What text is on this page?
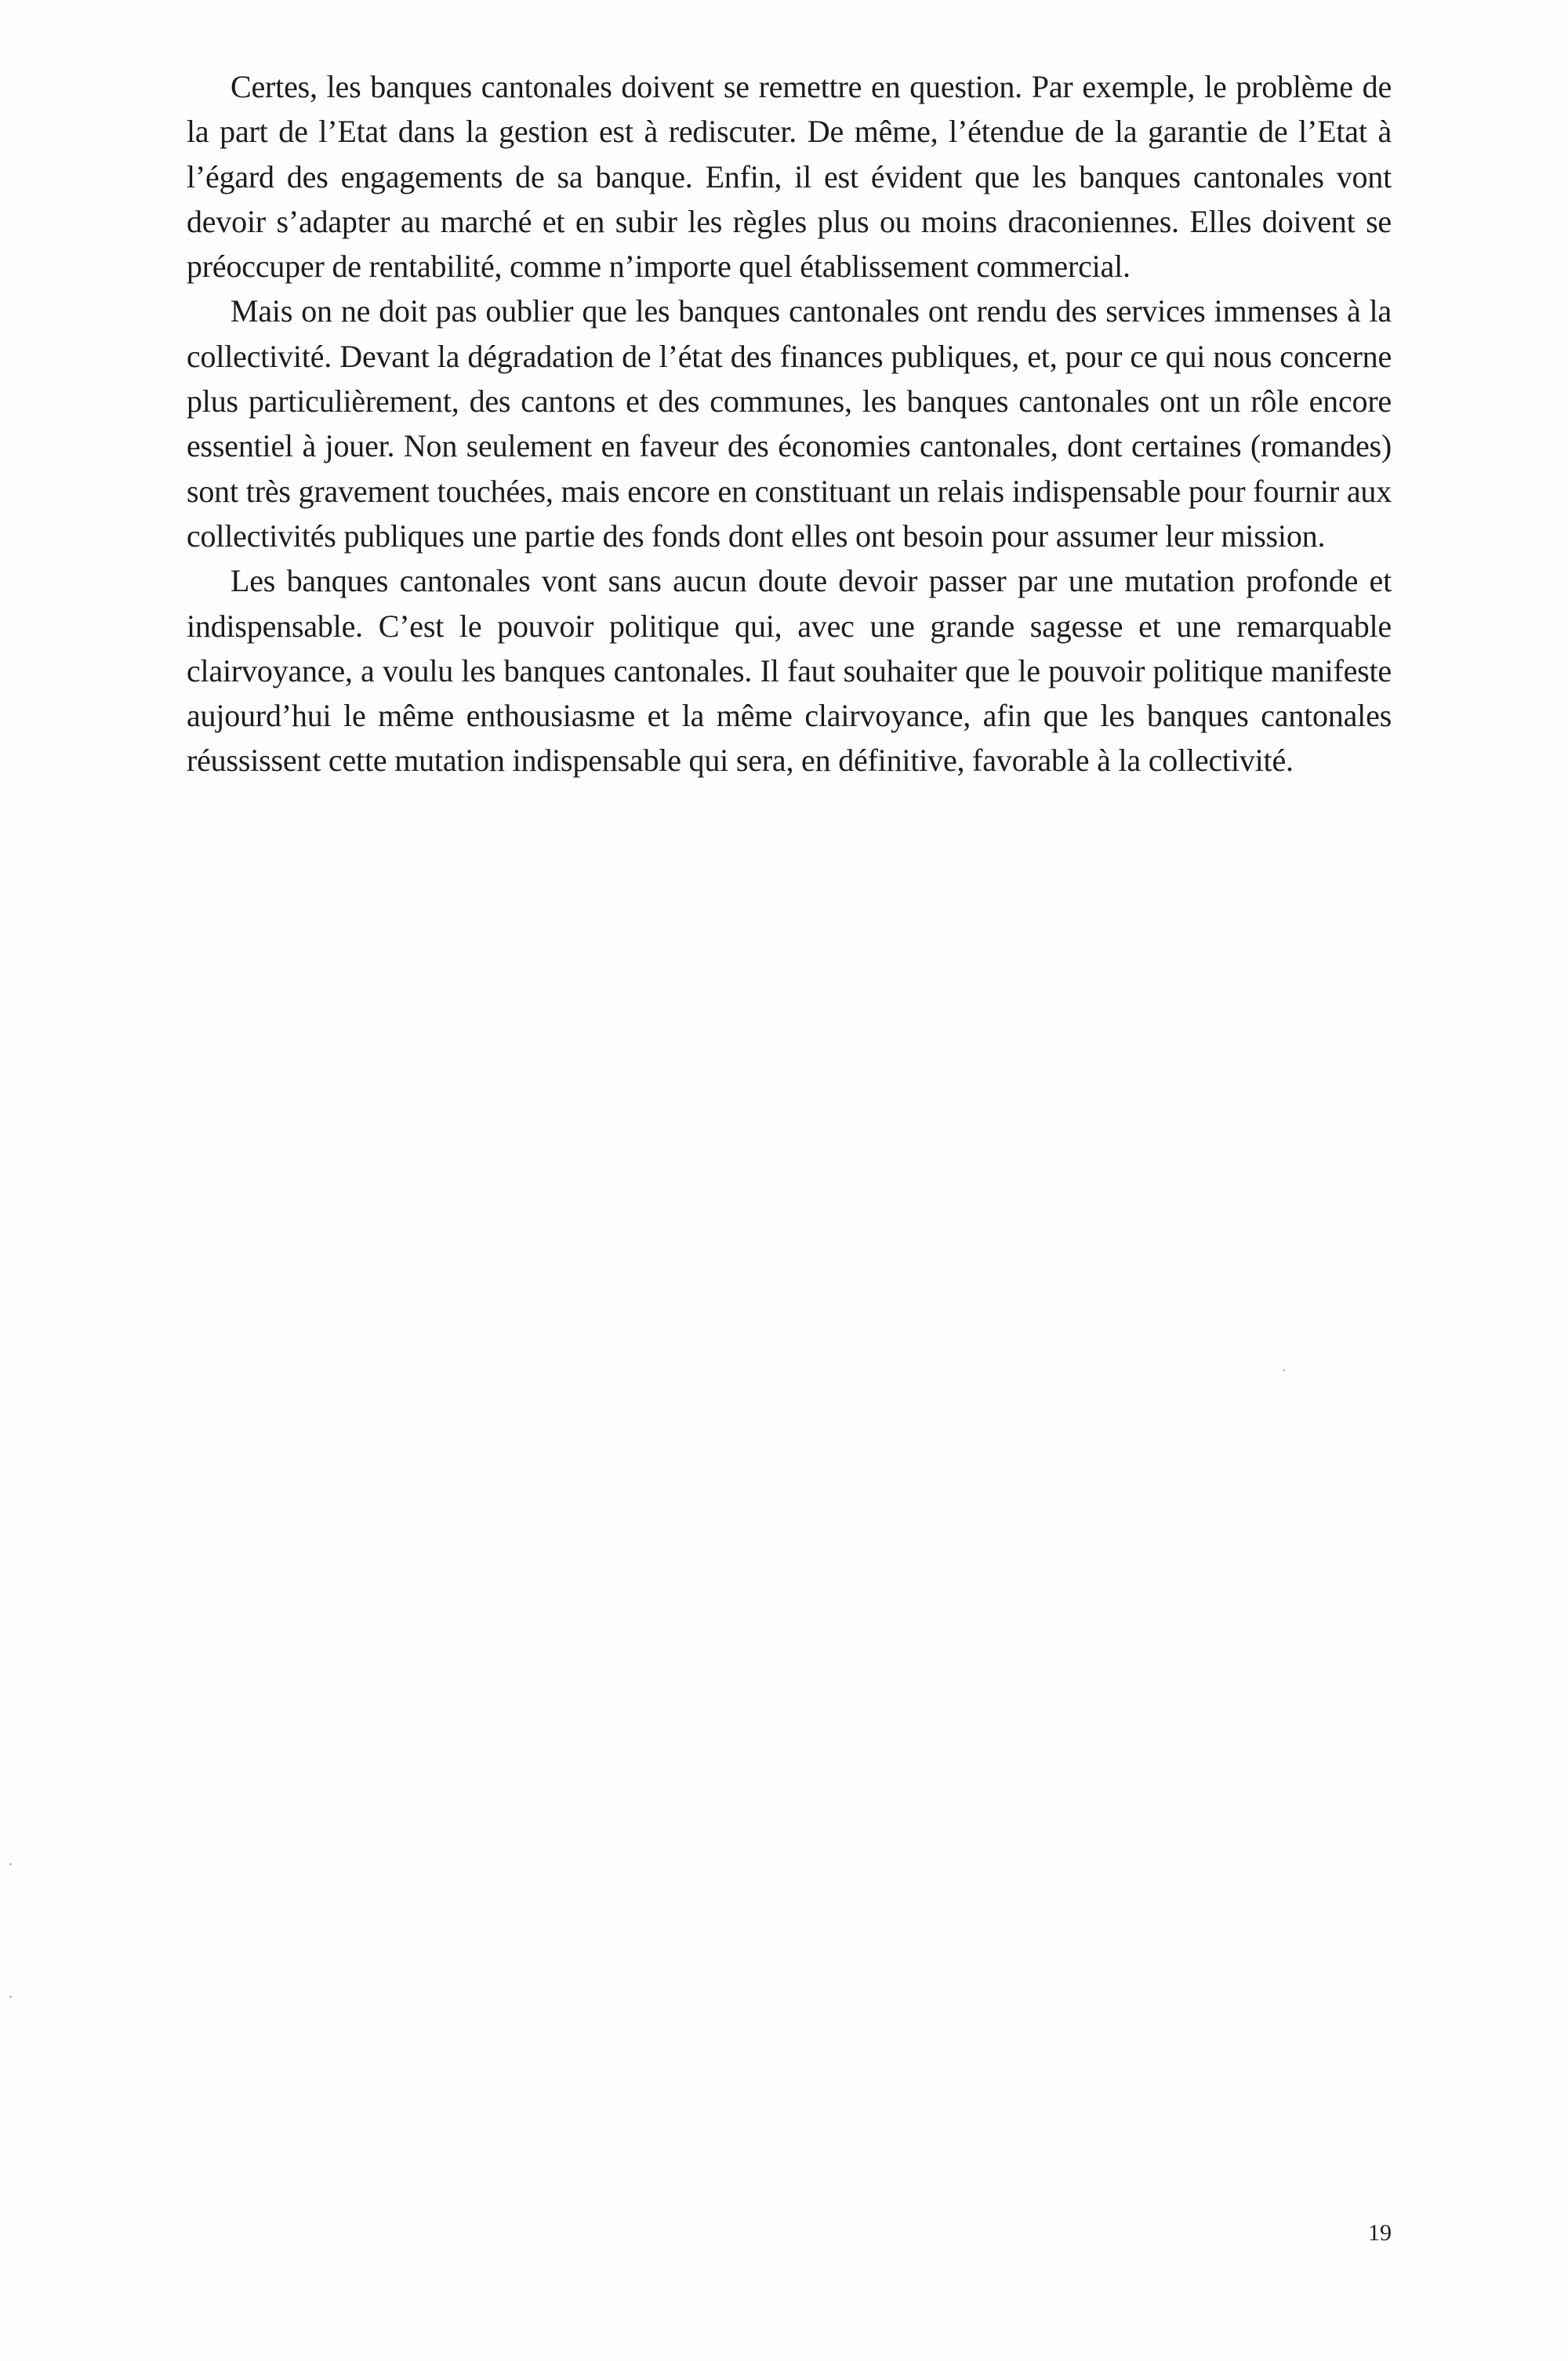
Certes, les banques cantonales doivent se remettre en question. Par exemple, le problème de la part de l’Etat dans la gestion est à rediscuter. De même, l’étendue de la garantie de l’Etat à l’égard des engagements de sa banque. Enfin, il est évident que les banques cantonales vont devoir s’adapter au marché et en subir les règles plus ou moins draconiennes. Elles doivent se préoccuper de rentabilité, comme n’importe quel établissement commercial.

Mais on ne doit pas oublier que les banques cantonales ont rendu des services immenses à la collectivité. Devant la dégradation de l’état des finances publiques, et, pour ce qui nous concerne plus particulièrement, des cantons et des communes, les banques cantonales ont un rôle encore essentiel à jouer. Non seulement en faveur des économies cantonales, dont certaines (romandes) sont très gravement touchées, mais encore en constituant un relais indispensable pour fournir aux collectivités publiques une partie des fonds dont elles ont besoin pour assumer leur mission.

Les banques cantonales vont sans aucun doute devoir passer par une mutation profonde et indispensable. C’est le pouvoir politique qui, avec une grande sagesse et une remarquable clairvoyance, a voulu les banques cantonales. Il faut souhaiter que le pouvoir politique manifeste aujourd’hui le même enthousiasme et la même clairvoyance, afin que les banques cantonales réussissent cette mutation indispensable qui sera, en définitive, favorable à la collectivité.

19
